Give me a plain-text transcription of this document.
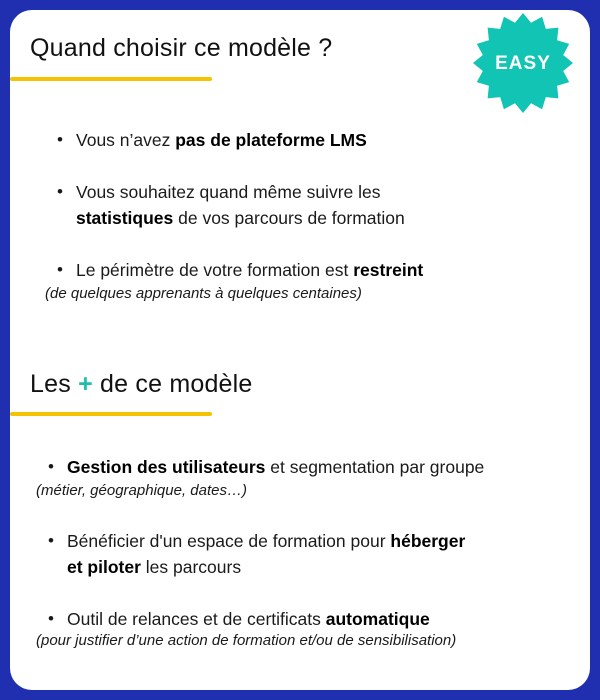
Quand choisir ce modèle ?
EASY
• Vous n’avez pas de plateforme LMS
• Vous souhaitez quand même suivre les
statistiques de vos parcours de formation
• Le périmètre de votre formation est restreint
(de quelques apprenants à quelques centaines)
Les + de ce modèle
• Gestion des utilisateurs et segmentation par groupe
(métier, géographique, dates…)
• Bénéficier d'un espace de formation pour héberger
et piloter les parcours
• Outil de relances et de certificats automatique
(pour justifier d’une action de formation et/ou de sensibilisation)
